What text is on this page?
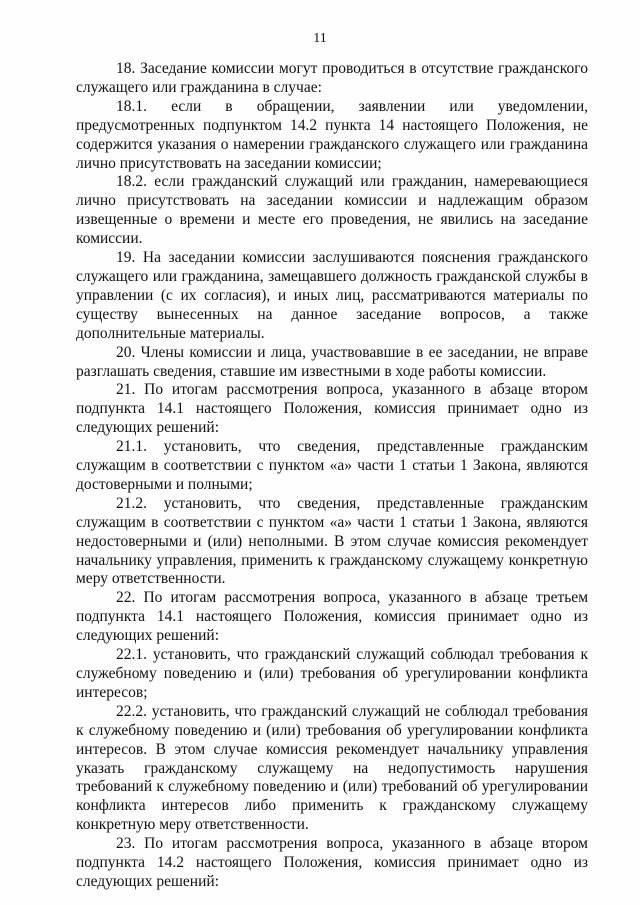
11

18. Заседание комиссии могут проводиться в отсутствие гражданского служащего или гражданина в случае:

18.1. если в обращении, заявлении или уведомлении, предусмотренных подпунктом 14.2 пункта 14 настоящего Положения, не содержится указания о намерении гражданского служащего или гражданина лично присутствовать на заседании комиссии;

18.2. если гражданский служащий или гражданин, намеревающиеся лично присутствовать на заседании комиссии и надлежащим образом извещенные о времени и месте его проведения, не явились на заседание комиссии.

19. На заседании комиссии заслушиваются пояснения гражданского служащего или гражданина, замещавшего должность гражданской службы в управлении (с их согласия), и иных лиц, рассматриваются материалы по существу вынесенных на данное заседание вопросов, а также дополнительные материалы.

20. Члены комиссии и лица, участвовавшие в ее заседании, не вправе разглашать сведения, ставшие им известными в ходе работы комиссии.

21. По итогам рассмотрения вопроса, указанного в абзаце втором подпункта 14.1 настоящего Положения, комиссия принимает одно из следующих решений:

21.1. установить, что сведения, представленные гражданским служащим в соответствии с пунктом «а» части 1 статьи 1 Закона, являются достоверными и полными;

21.2. установить, что сведения, представленные гражданским служащим в соответствии с пунктом «а» части 1 статьи 1 Закона, являются недостоверными и (или) неполными. В этом случае комиссия рекомендует начальнику управления, применить к гражданскому служащему конкретную меру ответственности.

22. По итогам рассмотрения вопроса, указанного в абзаце третьем подпункта 14.1 настоящего Положения, комиссия принимает одно из следующих решений:

22.1. установить, что гражданский служащий соблюдал требования к служебному поведению и (или) требования об урегулировании конфликта интересов;

22.2. установить, что гражданский служащий не соблюдал требования к служебному поведению и (или) требования об урегулировании конфликта интересов. В этом случае комиссия рекомендует начальнику управления указать гражданскому служащему на недопустимость нарушения требований к служебному поведению и (или) требований об урегулировании конфликта интересов либо применить к гражданскому служащему конкретную меру ответственности.

23. По итогам рассмотрения вопроса, указанного в абзаце втором подпункта 14.2 настоящего Положения, комиссия принимает одно из следующих решений:
